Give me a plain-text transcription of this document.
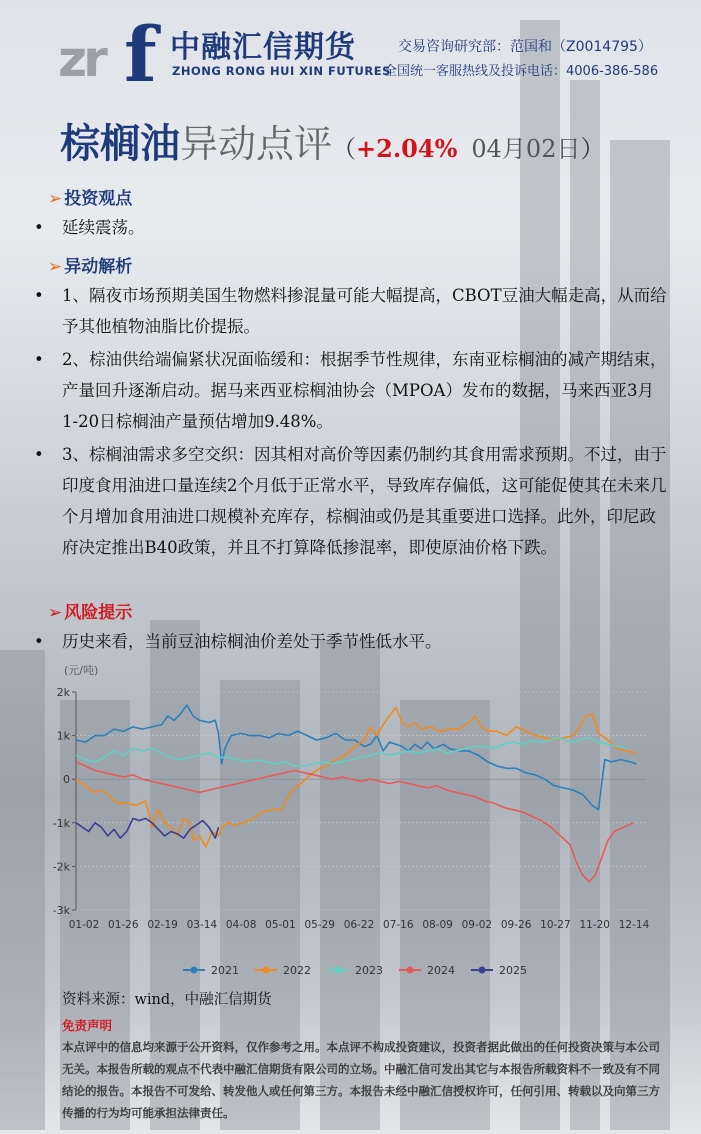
zr f 中融汇信期货
ZHONG RONG HUI XIN FUTURES
交易咨询研究部：范国和（Z0014795）
全国统一客服热线及投诉电话：4006-386-586
棕榈油异动点评（+2.04% 04月02日）
➢ 投资观点
• 延续震荡。
➢ 异动解析
• 1、隔夜市场预期美国生物燃料掺混量可能大幅提高，CBOT豆油大幅走高，从而给予其他植物油脂比价提振。
• 2、棕油供给端偏紧状况面临缓和：根据季节性规律，东南亚棕榈油的减产期结束，产量回升逐渐启动。据马来西亚棕榈油协会（MPOA）发布的数据，马来西亚3月1-20日棕榈油产量预估增加9.48%。
• 3、棕榈油需求多空交织：因其相对高价等因素仍制约其食用需求预期。不过，由于印度食用油进口量连续2个月低于正常水平，导致库存偏低，这可能促使其在未来几个月增加食用油进口规模补充库存，棕榈油或仍是其重要进口选择。此外，印尼政府决定推出B40政策，并且不打算降低掺混率，即使原油价格下跌。
➢ 风险提示
• 历史来看，当前豆油棕榈油价差处于季节性低水平。
(元/吨)
2k
1k
0
-1k
-2k
-3k
01-02 01-26 02-19 03-14 04-08 05-01 05-29 06-22 07-16 08-09 09-02 09-26 10-27 11-20 12-14
2021	2022	2023	2024	2025
资料来源：wind，中融汇信期货
免责声明
本点评中的信息均来源于公开资料，仅作参考之用。本点评不构成投资建议，投资者据此做出的任何投资决策与本公司无关。本报告所载的观点不代表中融汇信期货有限公司的立场。中融汇信可发出其它与本报告所载资料不一致及有不同结论的报告。本报告不可发给、转发他人或任何第三方。本报告未经中融汇信授权许可，任何引用、转载以及向第三方传播的行为均可能承担法律责任。
